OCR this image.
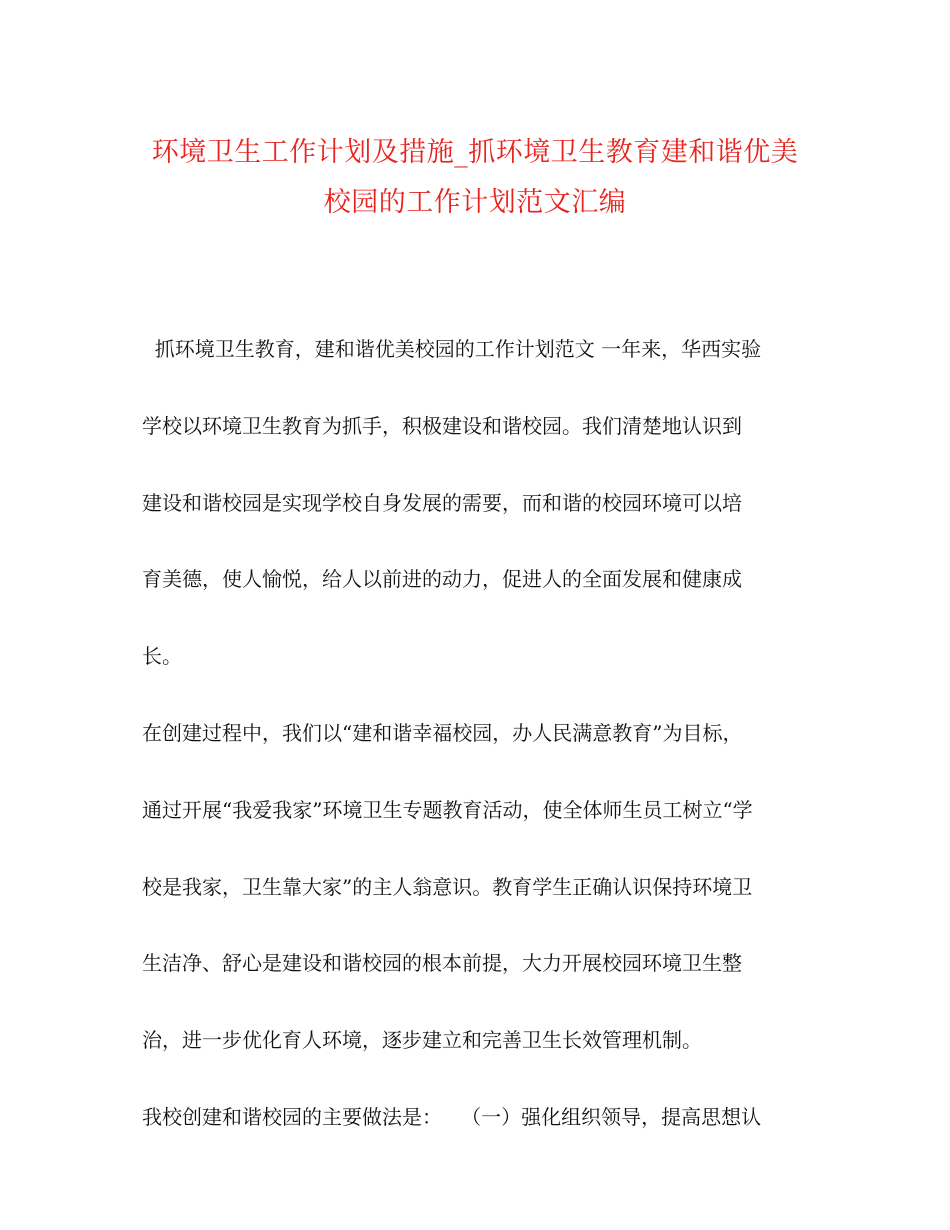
环境卫生工作计划及措施_抓环境卫生教育建和谐优美
校园的工作计划范文汇编
抓环境卫生教育，建和谐优美校园的工作计划范文 一年来，华西实验
学校以环境卫生教育为抓手，积极建设和谐校园。我们清楚地认识到
建设和谐校园是实现学校自身发展的需要，而和谐的校园环境可以培
育美德，使人愉悦，给人以前进的动力，促进人的全面发展和健康成
长。
在创建过程中，我们以“建和谐幸福校园，办人民满意教育”为目标，
通过开展“我爱我家”环境卫生专题教育活动，使全体师生员工树立“学
校是我家，卫生靠大家”的主人翁意识。教育学生正确认识保持环境卫
生洁净、舒心是建设和谐校园的根本前提，大力开展校园环境卫生整
治，进一步优化育人环境，逐步建立和完善卫生长效管理机制。
我校创建和谐校园的主要做法是：   （一）强化组织领导，提高思想认
